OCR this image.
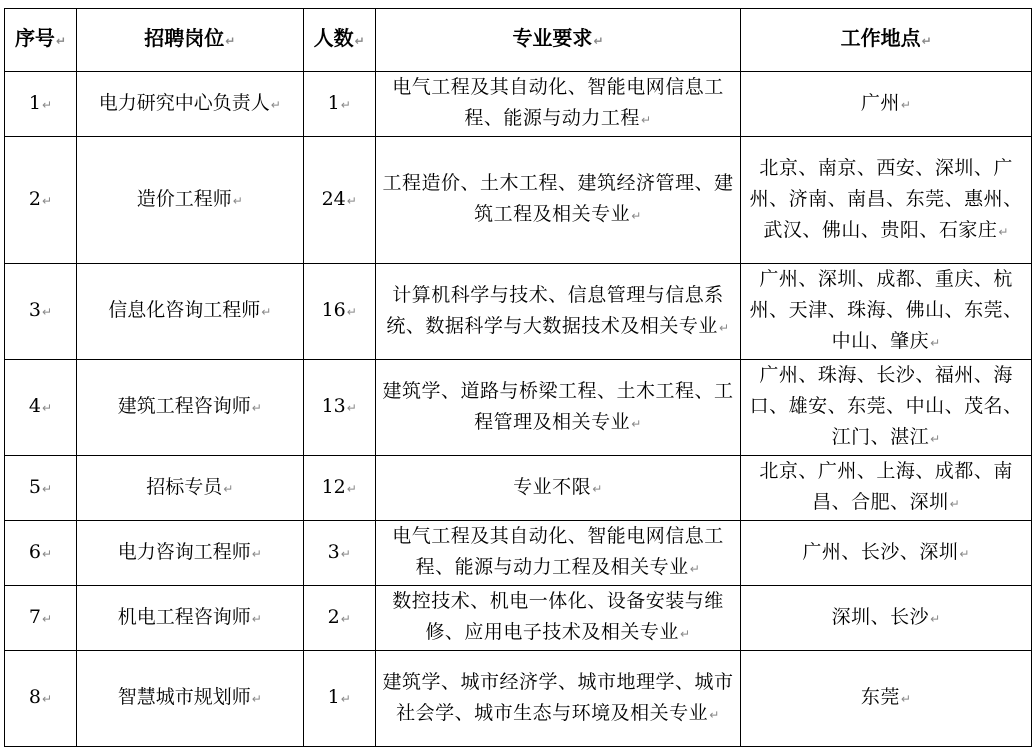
序号↵	招聘岗位↵	人数↵	专业要求↵	工作地点↵
1↵	电力研究中心负责人↵	1↵	电气工程及其自动化、智能电网信息工程、能源与动力工程↵	广州↵
2↵	造价工程师↵	24↵	工程造价、土木工程、建筑经济管理、建筑工程及相关专业↵	北京、南京、西安、深圳、广州、济南、南昌、东莞、惠州、武汉、佛山、贵阳、石家庄↵
3↵	信息化咨询工程师↵	16↵	计算机科学与技术、信息管理与信息系统、数据科学与大数据技术及相关专业↵	广州、深圳、成都、重庆、杭州、天津、珠海、佛山、东莞、中山、肇庆↵
4↵	建筑工程咨询师↵	13↵	建筑学、道路与桥梁工程、土木工程、工程管理及相关专业↵	广州、珠海、长沙、福州、海口、雄安、东莞、中山、茂名、江门、湛江↵
5↵	招标专员↵	12↵	专业不限↵	北京、广州、上海、成都、南昌、合肥、深圳↵
6↵	电力咨询工程师↵	3↵	电气工程及其自动化、智能电网信息工程、能源与动力工程及相关专业↵	广州、长沙、深圳↵
7↵	机电工程咨询师↵	2↵	数控技术、机电一体化、设备安装与维修、应用电子技术及相关专业↵	深圳、长沙↵
8↵	智慧城市规划师↵	1↵	建筑学、城市经济学、城市地理学、城市社会学、城市生态与环境及相关专业↵	东莞↵
